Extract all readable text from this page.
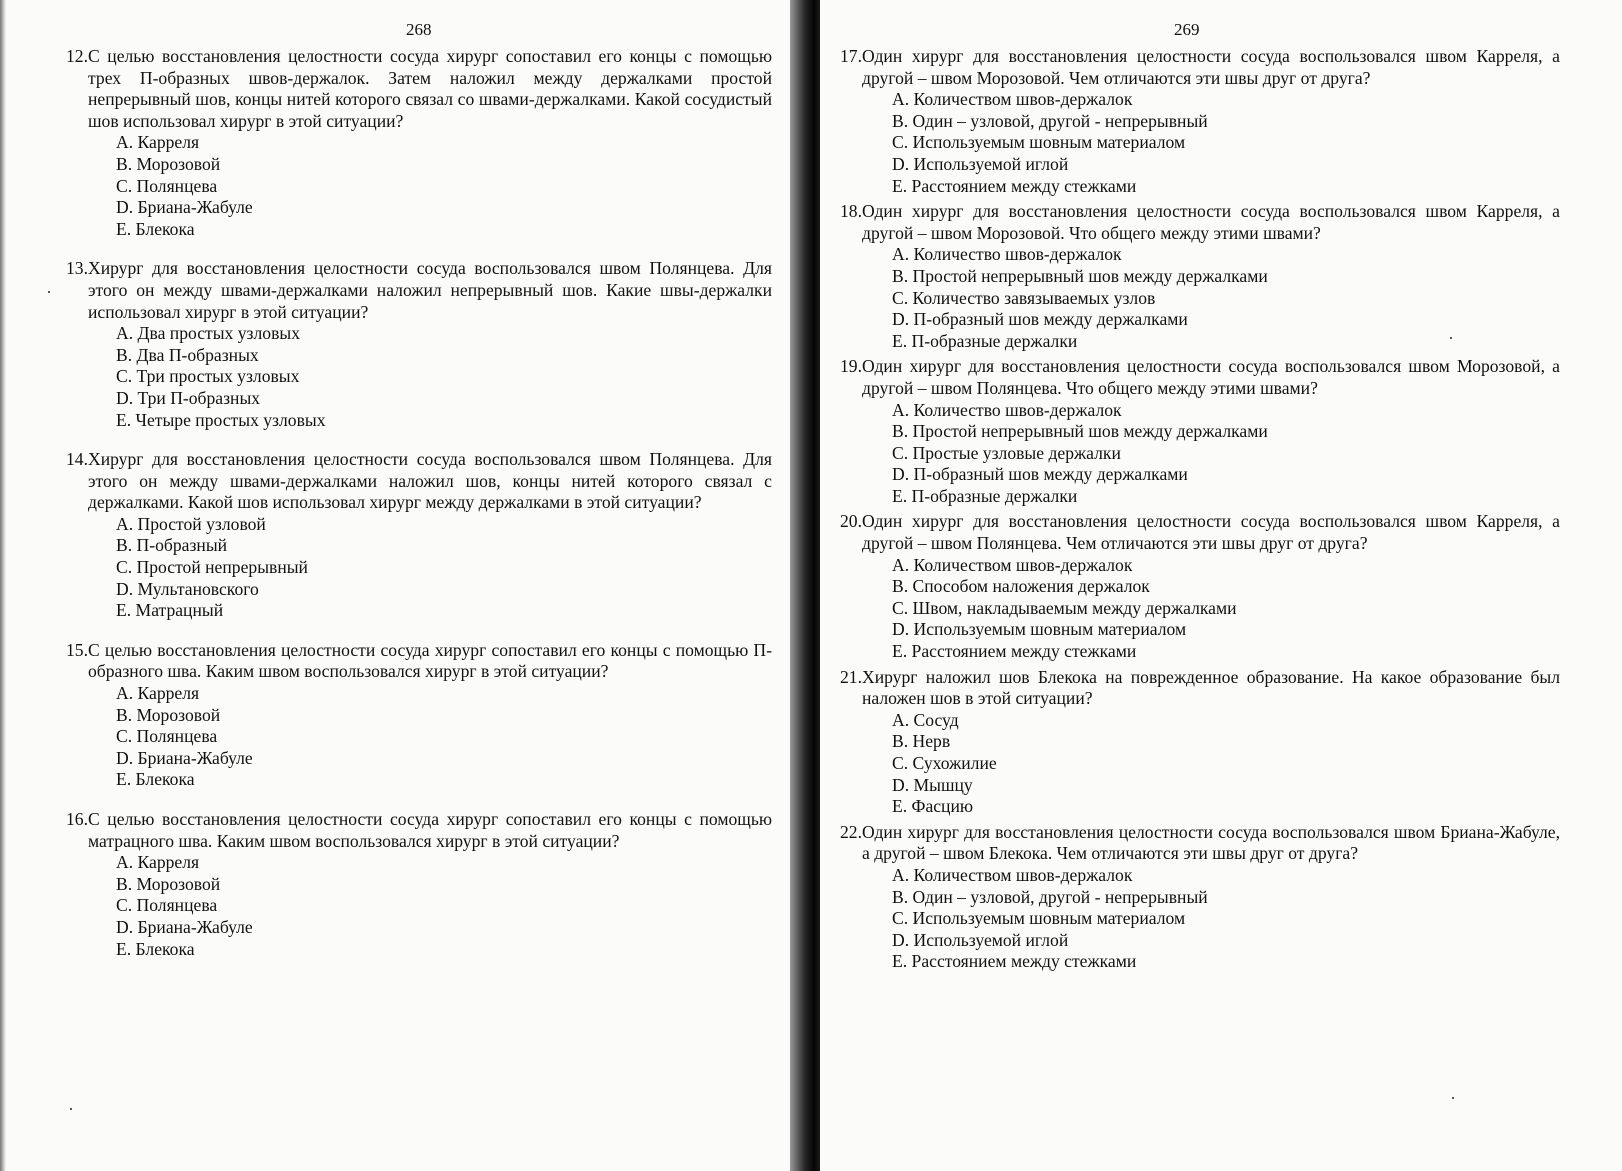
268
12.С целью восстановления целостности сосуда хирург сопоставил его концы с помощью трех П-образных швов-держалок. Затем наложил между держалками простой непрерывный шов, концы нитей которого связал со швами-держалками. Какой сосудистый шов использовал хирург в этой ситуации?
A. Карреля
B. Морозовой
C. Полянцева
D. Бриана-Жабуле
E. Блекока
13.Хирург для восстановления целостности сосуда воспользовался швом Полянцева. Для этого он между швами-держалками наложил непрерывный шов. Какие швы-держалки использовал хирург в этой ситуации?
A. Два простых узловых
B. Два П-образных
C. Три простых узловых
D. Три П-образных
E. Четыре простых узловых
14.Хирург для восстановления целостности сосуда воспользовался швом Полянцева. Для этого он между швами-держалками наложил шов, концы нитей которого связал с держалками. Какой шов использовал хирург между держалками в этой ситуации?
A. Простой узловой
B. П-образный
C. Простой непрерывный
D. Мультановского
E. Матрацный
15.С целью восстановления целостности сосуда хирург сопоставил его концы с помощью П-образного шва. Каким швом воспользовался хирург в этой ситуации?
A. Карреля
B. Морозовой
C. Полянцева
D. Бриана-Жабуле
E. Блекока
16.С целью восстановления целостности сосуда хирург сопоставил его концы с помощью матрацного шва. Каким швом воспользовался хирург в этой ситуации?
A. Карреля
B. Морозовой
C. Полянцева
D. Бриана-Жабуле
E. Блекока
269
17.Один хирург для восстановления целостности сосуда воспользовался швом Карреля, а другой – швом Морозовой. Чем отличаются эти швы друг от друга?
A. Количеством швов-держалок
B. Один – узловой, другой - непрерывный
C. Используемым шовным материалом
D. Используемой иглой
E. Расстоянием между стежками
18.Один хирург для восстановления целостности сосуда воспользовался швом Карреля, а другой – швом Морозовой. Что общего между этими швами?
A. Количество швов-держалок
B. Простой непрерывный шов между держалками
C. Количество завязываемых узлов
D. П-образный шов между держалками
E. П-образные держалки
19.Один хирург для восстановления целостности сосуда воспользовался швом Морозовой, а другой – швом Полянцева. Что общего между этими швами?
A. Количество швов-держалок
B. Простой непрерывный шов между держалками
C. Простые узловые держалки
D. П-образный шов между держалками
E. П-образные держалки
20.Один хирург для восстановления целостности сосуда воспользовался швом Карреля, а другой – швом Полянцева. Чем отличаются эти швы друг от друга?
A. Количеством швов-держалок
B. Способом наложения держалок
C. Швом, накладываемым между держалками
D. Используемым шовным материалом
E. Расстоянием между стежками
21.Хирург наложил шов Блекока на поврежденное образование. На какое образование был наложен шов в этой ситуации?
A. Сосуд
B. Нерв
C. Сухожилие
D. Мышцу
E. Фасцию
22.Один хирург для восстановления целостности сосуда воспользовался швом Бриана-Жабуле, а другой – швом Блекока. Чем отличаются эти швы друг от друга?
A. Количеством швов-держалок
B. Один – узловой, другой - непрерывный
C. Используемым шовным материалом
D. Используемой иглой
E. Расстоянием между стежками
